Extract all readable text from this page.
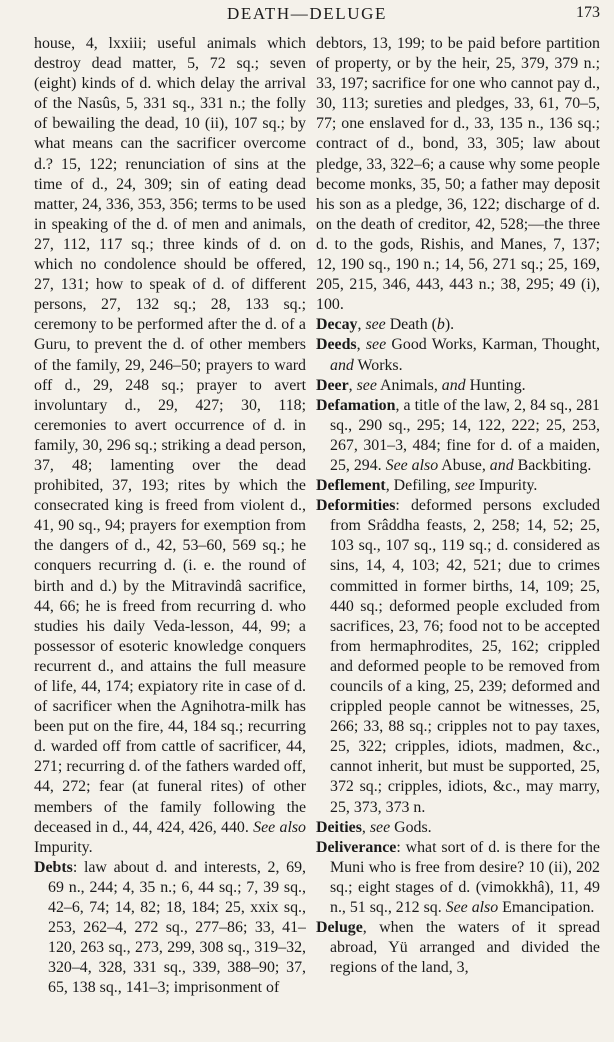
DEATH—DELUGE	173

house, 4, lxxiii; useful animals which destroy dead matter, 5, 72 sq.; seven (eight) kinds of d. which delay the arrival of the Nasûs, 5, 331 sq., 331 n.; the folly of bewailing the dead, 10 (ii), 107 sq.; by what means can the sacrificer overcome d.? 15, 122; renunciation of sins at the time of d., 24, 309; sin of eating dead matter, 24, 336, 353, 356; terms to be used in speaking of the d. of men and animals, 27, 112, 117 sq.; three kinds of d. on which no condolence should be offered, 27, 131; how to speak of d. of different persons, 27, 132 sq.; 28, 133 sq.; ceremony to be performed after the d. of a Guru, to prevent the d. of other members of the family, 29, 246–50; prayers to ward off d., 29, 248 sq.; prayer to avert involuntary d., 29, 427; 30, 118; ceremonies to avert occurrence of d. in family, 30, 296 sq.; striking a dead person, 37, 48; lamenting over the dead prohibited, 37, 193; rites by which the consecrated king is freed from violent d., 41, 90 sq., 94; prayers for exemption from the dangers of d., 42, 53–60, 569 sq.; he conquers recurring d. (i. e. the round of birth and d.) by the Mitravindâ sacrifice, 44, 66; he is freed from recurring d. who studies his daily Veda-lesson, 44, 99; a possessor of esoteric knowledge conquers recurrent d., and attains the full measure of life, 44, 174; expiatory rite in case of d. of sacrificer when the Agnihotra-milk has been put on the fire, 44, 184 sq.; recurring d. warded off from cattle of sacrificer, 44, 271; recurring d. of the fathers warded off, 44, 272; fear (at funeral rites) of other members of the family following the deceased in d., 44, 424, 426, 440. See also Impurity.

Debts: law about d. and interests, 2, 69, 69 n., 244; 4, 35 n.; 6, 44 sq.; 7, 39 sq., 42–6, 74; 14, 82; 18, 184; 25, xxix sq., 253, 262–4, 272 sq., 277–86; 33, 41–120, 263 sq., 273, 299, 308 sq., 319–32, 320–4, 328, 331 sq., 339, 388–90; 37, 65, 138 sq., 141–3; imprisonment of

debtors, 13, 199; to be paid before partition of property, or by the heir, 25, 379, 379 n.; 33, 197; sacrifice for one who cannot pay d., 30, 113; sureties and pledges, 33, 61, 70–5, 77; one enslaved for d., 33, 135 n., 136 sq.; contract of d., bond, 33, 305; law about pledge, 33, 322–6; a cause why some people become monks, 35, 50; a father may deposit his son as a pledge, 36, 122; discharge of d. on the death of creditor, 42, 528;—the three d. to the gods, Rishis, and Manes, 7, 137; 12, 190 sq., 190 n.; 14, 56, 271 sq.; 25, 169, 205, 215, 346, 443, 443 n.; 38, 295; 49 (i), 100.

Decay, see Death (b).

Deeds, see Good Works, Karman, Thought, and Works.

Deer, see Animals, and Hunting.

Defamation, a title of the law, 2, 84 sq., 281 sq., 290 sq., 295; 14, 122, 222; 25, 253, 267, 301–3, 484; fine for d. of a maiden, 25, 294. See also Abuse, and Backbiting.

Deflement, Defiling, see Impurity.

Deformities: deformed persons excluded from Srâddha feasts, 2, 258; 14, 52; 25, 103 sq., 107 sq., 119 sq.; d. considered as sins, 14, 4, 103; 42, 521; due to crimes committed in former births, 14, 109; 25, 440 sq.; deformed people excluded from sacrifices, 23, 76; food not to be accepted from hermaphrodites, 25, 162; crippled and deformed people to be removed from councils of a king, 25, 239; deformed and crippled people cannot be witnesses, 25, 266; 33, 88 sq.; cripples not to pay taxes, 25, 322; cripples, idiots, madmen, &c., cannot inherit, but must be supported, 25, 372 sq.; cripples, idiots, &c., may marry, 25, 373, 373 n.

Deities, see Gods.

Deliverance: what sort of d. is there for the Muni who is free from desire? 10 (ii), 202 sq.; eight stages of d. (vimokkhâ), 11, 49 n., 51 sq., 212 sq. See also Emancipation.

Deluge, when the waters of it spread abroad, Yü arranged and divided the regions of the land, 3,
